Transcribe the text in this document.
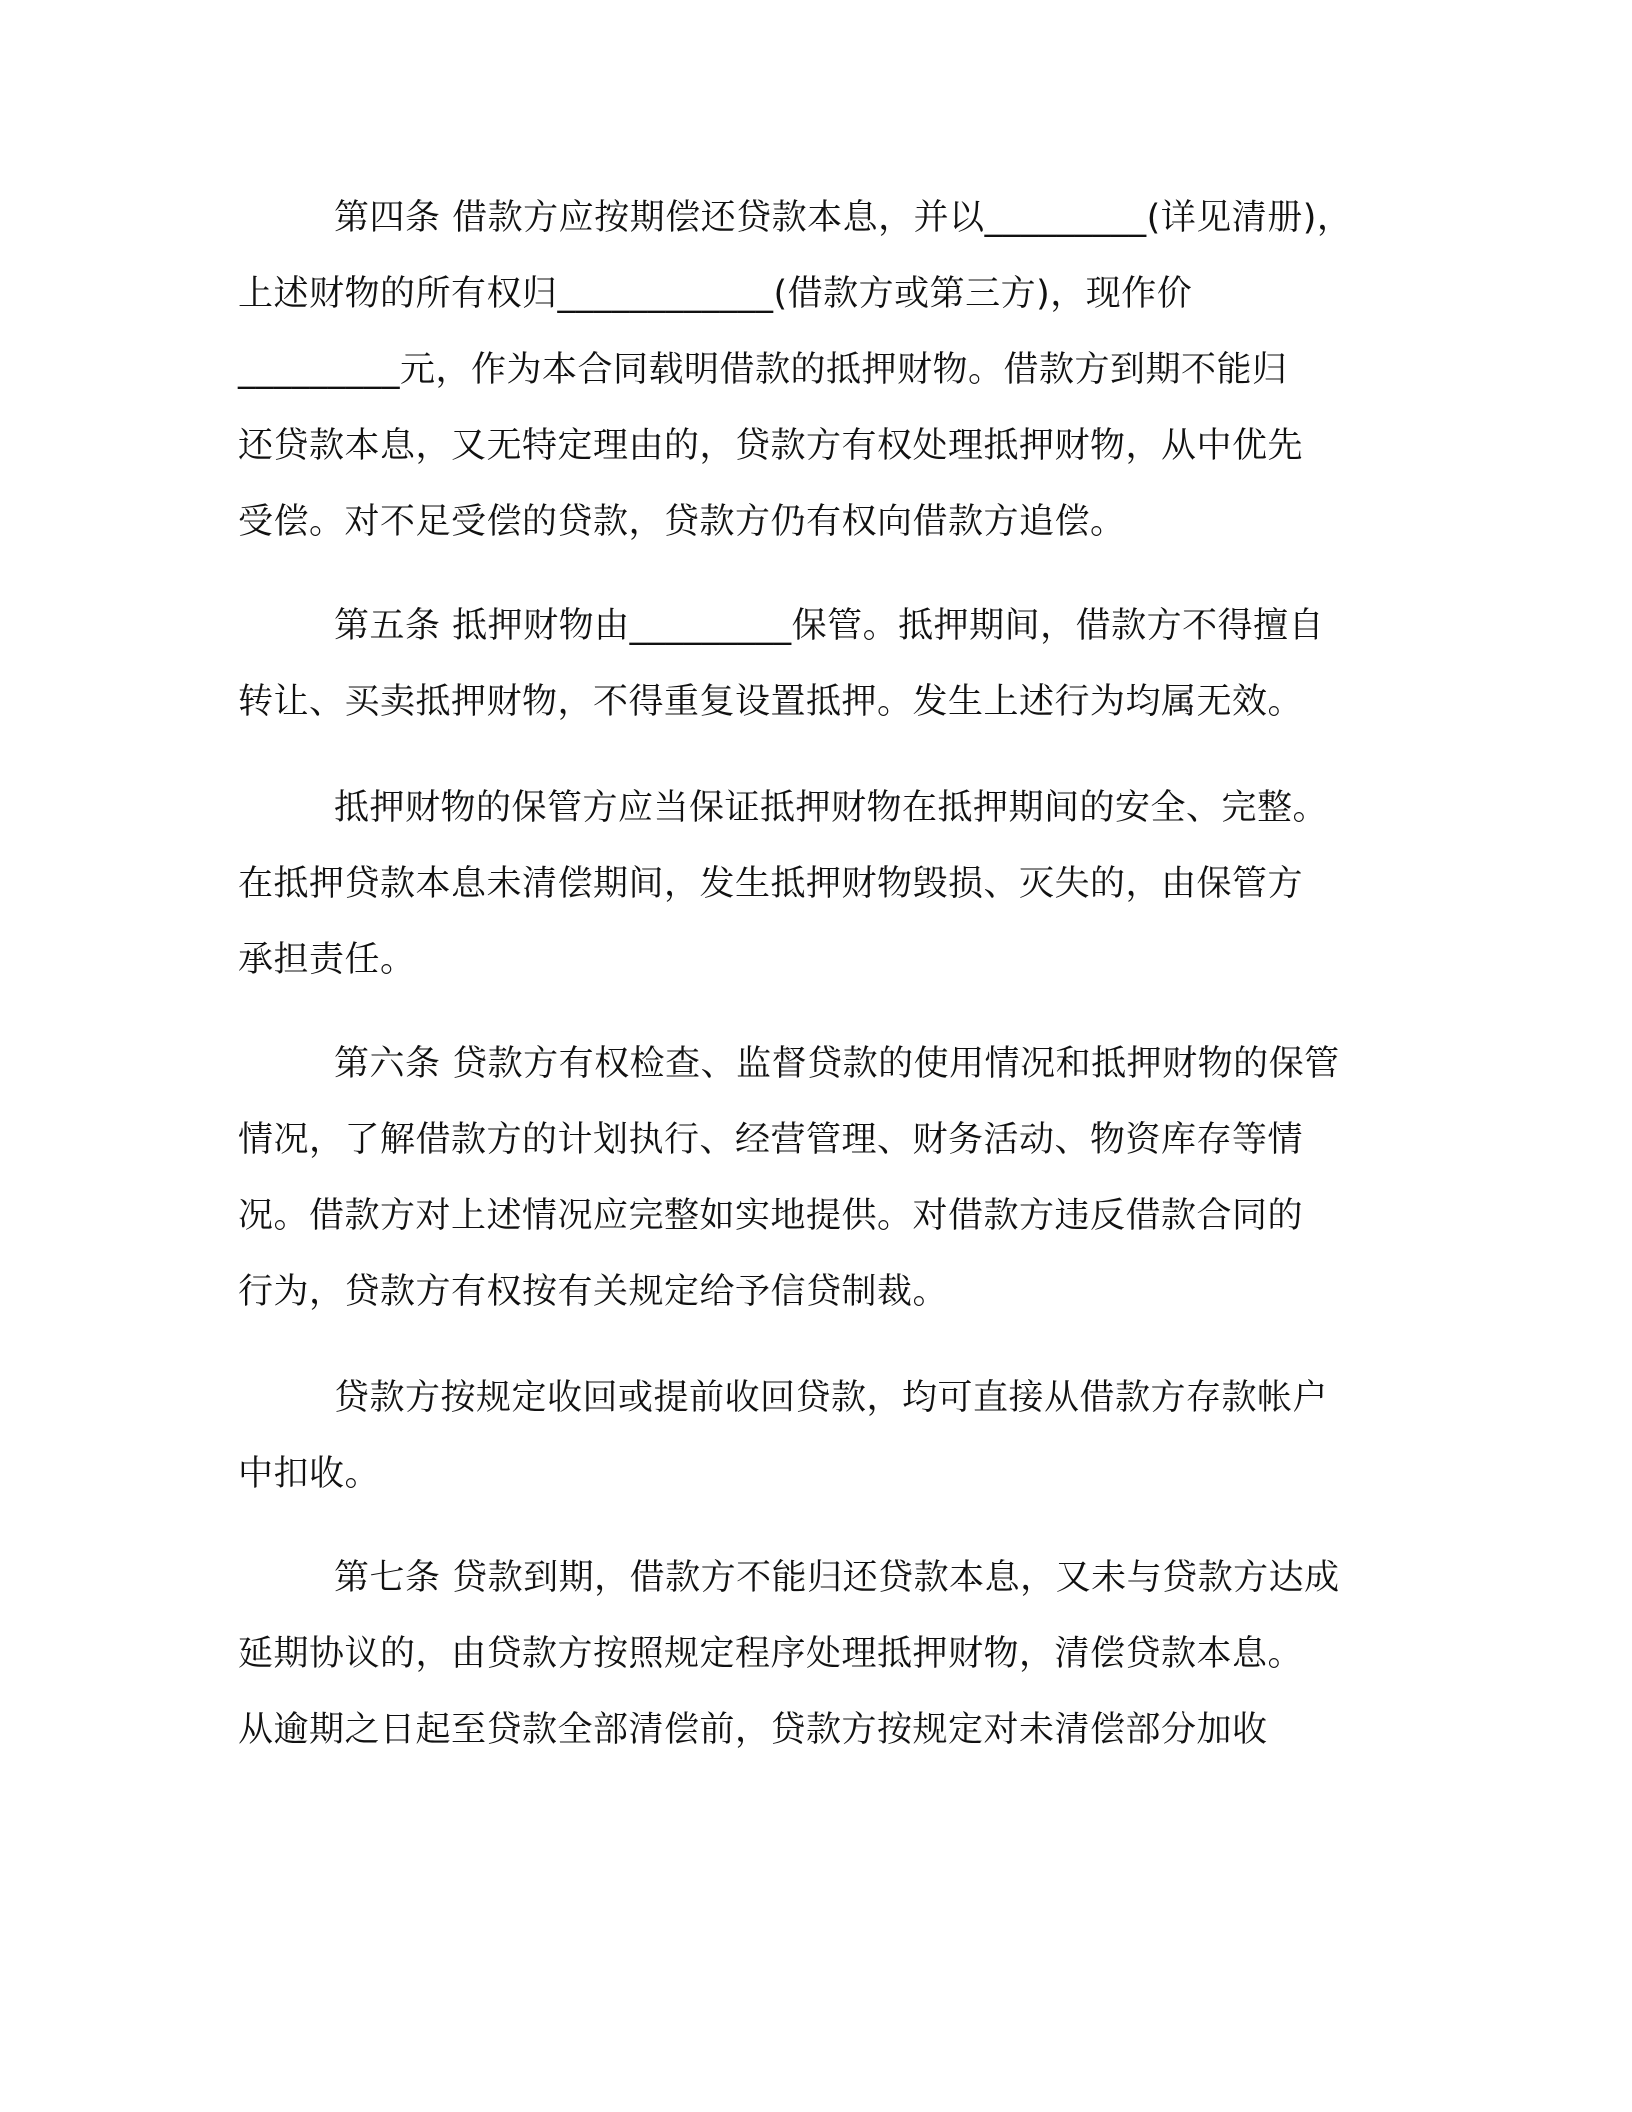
第四条 借款方应按期偿还贷款本息，并以_________(详见清册)，
上述财物的所有权归____________(借款方或第三方)，现作价
_________元，作为本合同载明借款的抵押财物。借款方到期不能归
还贷款本息，又无特定理由的，贷款方有权处理抵押财物，从中优先
受偿。对不足受偿的贷款，贷款方仍有权向借款方追偿。
第五条 抵押财物由_________保管。抵押期间，借款方不得擅自
转让、买卖抵押财物，不得重复设置抵押。发生上述行为均属无效。
抵押财物的保管方应当保证抵押财物在抵押期间的安全、完整。
在抵押贷款本息未清偿期间，发生抵押财物毁损、灭失的，由保管方
承担责任。
第六条 贷款方有权检查、监督贷款的使用情况和抵押财物的保管
情况，了解借款方的计划执行、经营管理、财务活动、物资库存等情
况。借款方对上述情况应完整如实地提供。对借款方违反借款合同的
行为，贷款方有权按有关规定给予信贷制裁。
贷款方按规定收回或提前收回贷款，均可直接从借款方存款帐户
中扣收。
第七条 贷款到期，借款方不能归还贷款本息，又未与贷款方达成
延期协议的，由贷款方按照规定程序处理抵押财物，清偿贷款本息。
从逾期之日起至贷款全部清偿前，贷款方按规定对未清偿部分加收
